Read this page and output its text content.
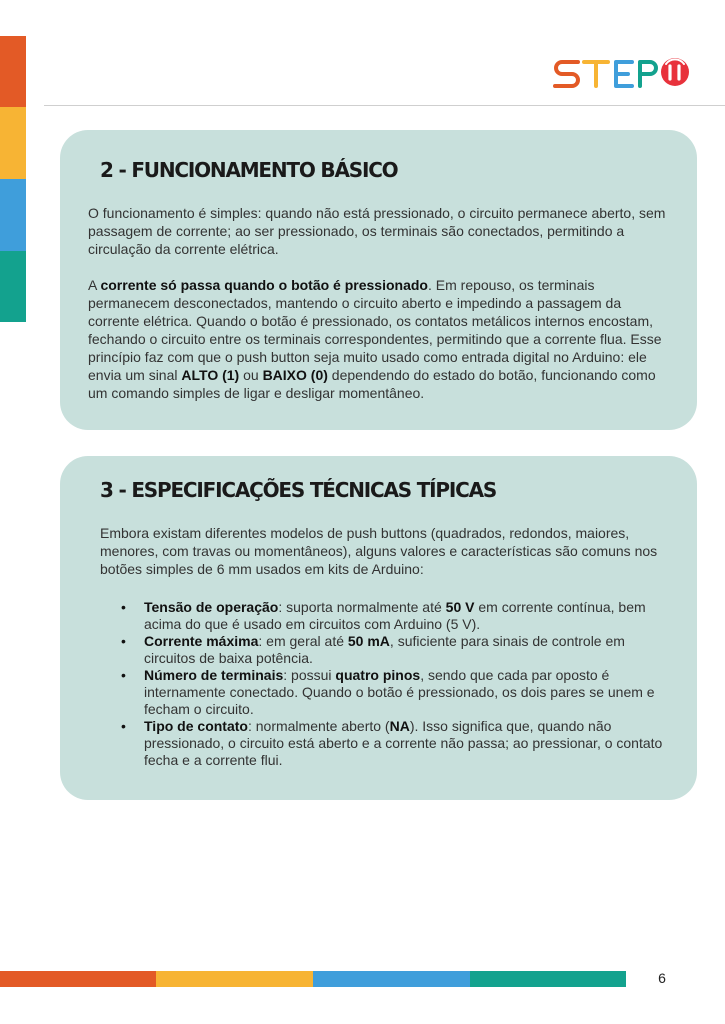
2 - FUNCIONAMENTO BÁSICO

O funcionamento é simples: quando não está pressionado, o circuito permanece aberto, sem passagem de corrente; ao ser pressionado, os terminais são conectados, permitindo a circulação da corrente elétrica.

A corrente só passa quando o botão é pressionado. Em repouso, os terminais permanecem desconectados, mantendo o circuito aberto e impedindo a passagem da corrente elétrica. Quando o botão é pressionado, os contatos metálicos internos encostam, fechando o circuito entre os terminais correspondentes, permitindo que a corrente flua. Esse princípio faz com que o push button seja muito usado como entrada digital no Arduino: ele envia um sinal ALTO (1) ou BAIXO (0) dependendo do estado do botão, funcionando como um comando simples de ligar e desligar momentâneo.

3 - ESPECIFICAÇÕES TÉCNICAS TÍPICAS

Embora existam diferentes modelos de push buttons (quadrados, redondos, maiores, menores, com travas ou momentâneos), alguns valores e características são comuns nos botões simples de 6 mm usados em kits de Arduino:

• Tensão de operação: suporta normalmente até 50 V em corrente contínua, bem acima do que é usado em circuitos com Arduino (5 V).
• Corrente máxima: em geral até 50 mA, suficiente para sinais de controle em circuitos de baixa potência.
• Número de terminais: possui quatro pinos, sendo que cada par oposto é internamente conectado. Quando o botão é pressionado, os dois pares se unem e fecham o circuito.
• Tipo de contato: normalmente aberto (NA). Isso significa que, quando não pressionado, o circuito está aberto e a corrente não passa; ao pressionar, o contato fecha e a corrente flui.
6
